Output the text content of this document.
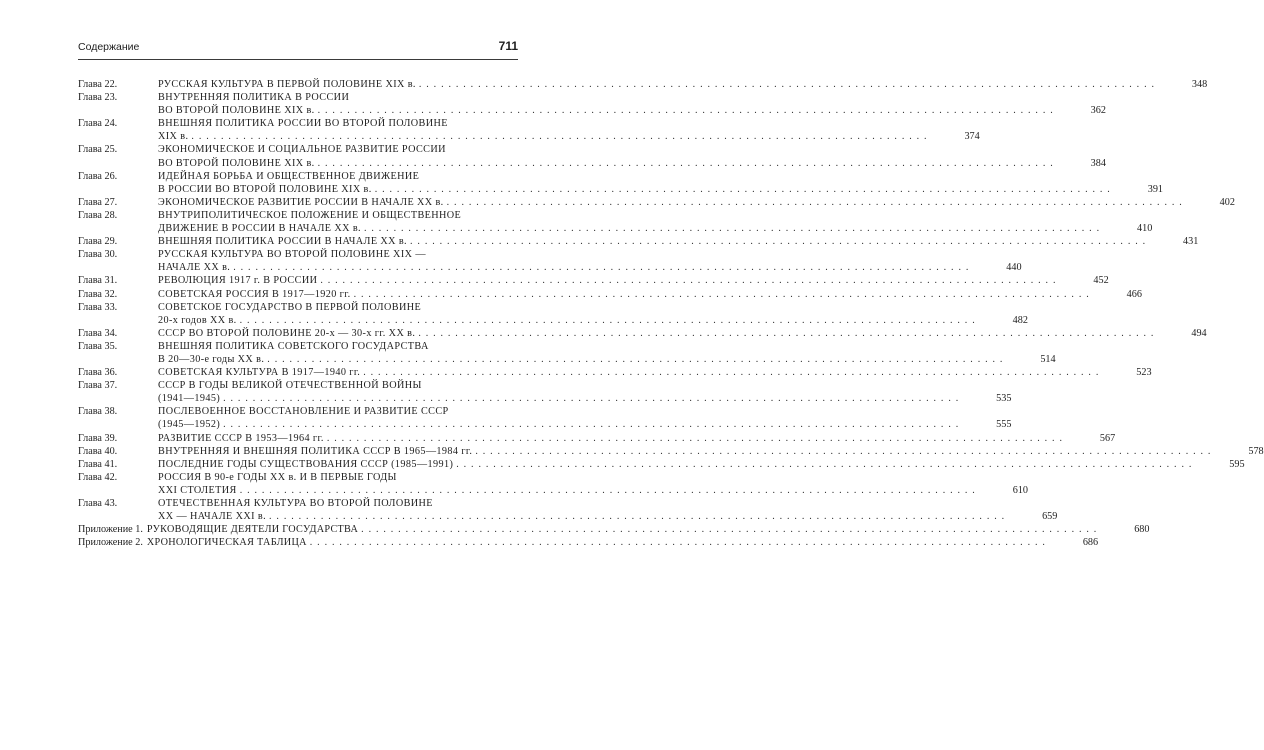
Содержание	711
Глава 22.	РУССКАЯ КУЛЬТУРА В ПЕРВОЙ ПОЛОВИНЕ XIX в. . . .	348
Глава 23.	ВНУТРЕННЯЯ ПОЛИТИКА В РОССИИ
ВО ВТОРОЙ ПОЛОВИНЕ XIX в. . . .	362
Глава 24.	ВНЕШНЯЯ ПОЛИТИКА РОССИИ ВО ВТОРОЙ ПОЛОВИНЕ
XIX в. . . .	374
Глава 25.	ЭКОНОМИЧЕСКОЕ И СОЦИАЛЬНОЕ РАЗВИТИЕ РОССИИ
ВО ВТОРОЙ ПОЛОВИНЕ XIX в. . . .	384
Глава 26.	ИДЕЙНАЯ БОРЬБА И ОБЩЕСТВЕННОЕ ДВИЖЕНИЕ
В РОССИИ ВО ВТОРОЙ ПОЛОВИНЕ XIX в. . . .	391
Глава 27.	ЭКОНОМИЧЕСКОЕ РАЗВИТИЕ РОССИИ В НАЧАЛЕ XX в. . . .	402
Глава 28.	ВНУТРИПОЛИТИЧЕСКОЕ ПОЛОЖЕНИЕ И ОБЩЕСТВЕННОЕ
ДВИЖЕНИЕ В РОССИИ В НАЧАЛЕ XX в. . . .	410
Глава 29.	ВНЕШНЯЯ ПОЛИТИКА РОССИИ В НАЧАЛЕ XX в. . . .	431
Глава 30.	РУССКАЯ КУЛЬТУРА ВО ВТОРОЙ ПОЛОВИНЕ XIX —
НАЧАЛЕ XX в. . . .	440
Глава 31.	РЕВОЛЮЦИЯ 1917 г. В РОССИИ . . .	452
Глава 32.	СОВЕТСКАЯ РОССИЯ В 1917—1920 гг. . . .	466
Глава 33.	СОВЕТСКОЕ ГОСУДАРСТВО В ПЕРВОЙ ПОЛОВИНЕ
20-х годов XX в. . . .	482
Глава 34.	СССР ВО ВТОРОЙ ПОЛОВИНЕ 20-х — 30-х гг. XX в. . . .	494
Глава 35.	ВНЕШНЯЯ ПОЛИТИКА СОВЕТСКОГО ГОСУДАРСТВА
В 20—30-е годы XX в. . . .	514
Глава 36.	СОВЕТСКАЯ КУЛЬТУРА В 1917—1940 гг. . . .	523
Глава 37.	СССР В ГОДЫ ВЕЛИКОЙ ОТЕЧЕСТВЕННОЙ ВОЙНЫ
(1941—1945) . . .	535
Глава 38.	ПОСЛЕВОЕННОЕ ВОССТАНОВЛЕНИЕ И РАЗВИТИЕ СССР
(1945—1952) . . .	555
Глава 39.	РАЗВИТИЕ СССР В 1953—1964 гг. . . .	567
Глава 40.	ВНУТРЕННЯЯ И ВНЕШНЯЯ ПОЛИТИКА СССР В 1965—1984 гг. . . .	578
Глава 41.	ПОСЛЕДНИЕ ГОДЫ СУЩЕСТВОВАНИЯ СССР (1985—1991) . . .	595
Глава 42.	РОССИЯ В 90-е ГОДЫ XX в. И В ПЕРВЫЕ ГОДЫ
XXI СТОЛЕТИЯ . . .	610
Глава 43.	ОТЕЧЕСТВЕННАЯ КУЛЬТУРА ВО ВТОРОЙ ПОЛОВИНЕ
XX — НАЧАЛЕ XXI в. . . .	659
Приложение 1. РУКОВОДЯЩИЕ ДЕЯТЕЛИ ГОСУДАРСТВА . . .	680
Приложение 2. ХРОНОЛОГИЧЕСКАЯ ТАБЛИЦА . . .	686
